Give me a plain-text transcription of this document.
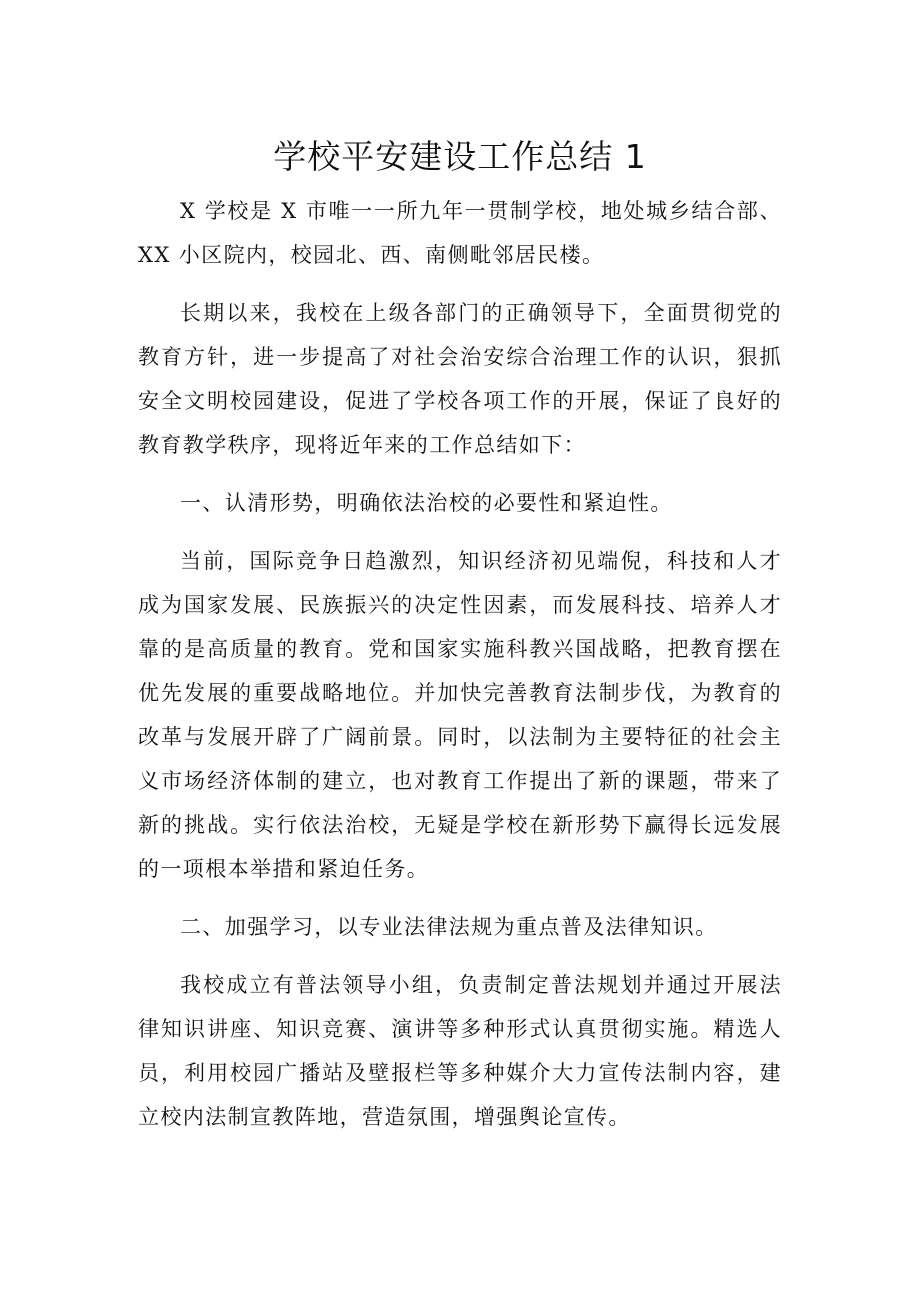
学校平安建设工作总结 1

X 学校是 X 市唯一一所九年一贯制学校，地处城乡结合部、XX 小区院内，校园北、西、南侧毗邻居民楼。

长期以来，我校在上级各部门的正确领导下，全面贯彻党的教育方针，进一步提高了对社会治安综合治理工作的认识，狠抓安全文明校园建设，促进了学校各项工作的开展，保证了良好的教育教学秩序，现将近年来的工作总结如下：

一、认清形势，明确依法治校的必要性和紧迫性。

当前，国际竞争日趋激烈，知识经济初见端倪，科技和人才成为国家发展、民族振兴的决定性因素，而发展科技、培养人才靠的是高质量的教育。党和国家实施科教兴国战略，把教育摆在优先发展的重要战略地位。并加快完善教育法制步伐，为教育的改革与发展开辟了广阔前景。同时，以法制为主要特征的社会主义市场经济体制的建立，也对教育工作提出了新的课题，带来了新的挑战。实行依法治校，无疑是学校在新形势下赢得长远发展的一项根本举措和紧迫任务。

二、加强学习，以专业法律法规为重点普及法律知识。

我校成立有普法领导小组，负责制定普法规划并通过开展法律知识讲座、知识竞赛、演讲等多种形式认真贯彻实施。精选人员，利用校园广播站及壁报栏等多种媒介大力宣传法制内容，建立校内法制宣教阵地，营造氛围，增强舆论宣传。
